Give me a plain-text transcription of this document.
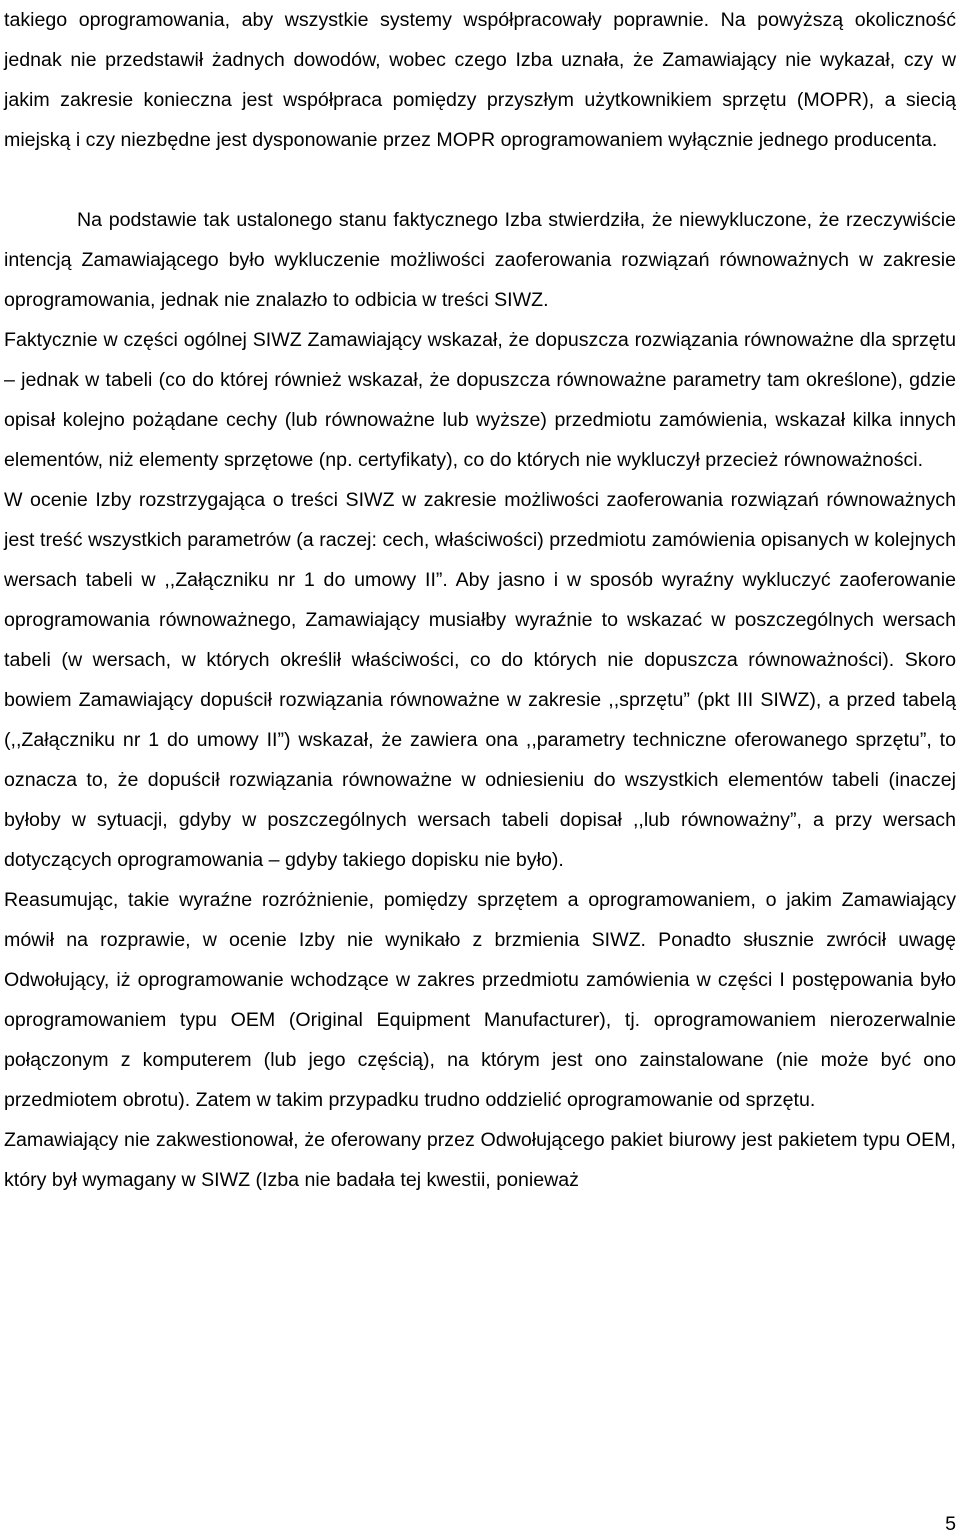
takiego oprogramowania, aby wszystkie systemy współpracowały poprawnie. Na powyższą okoliczność jednak nie przedstawił żadnych dowodów, wobec czego Izba uznała, że Zamawiający nie wykazał, czy w jakim zakresie konieczna jest współpraca pomiędzy przyszłym użytkownikiem sprzętu (MOPR), a siecią miejską i czy niezbędne jest dysponowanie przez MOPR oprogramowaniem wyłącznie jednego producenta.

Na podstawie tak ustalonego stanu faktycznego Izba stwierdziła, że niewykluczone, że rzeczywiście intencją Zamawiającego było wykluczenie możliwości zaoferowania rozwiązań równoważnych w zakresie oprogramowania, jednak nie znalazło to odbicia w treści SIWZ.

Faktycznie w części ogólnej SIWZ Zamawiający wskazał, że dopuszcza rozwiązania równoważne dla sprzętu – jednak w tabeli (co do której również wskazał, że dopuszcza równoważne parametry tam określone), gdzie opisał kolejno pożądane cechy (lub równoważne lub wyższe) przedmiotu zamówienia, wskazał kilka innych elementów, niż elementy sprzętowe (np. certyfikaty), co do których nie wykluczył przecież równoważności.

W ocenie Izby rozstrzygająca o treści SIWZ w zakresie możliwości zaoferowania rozwiązań równoważnych jest treść wszystkich parametrów (a raczej: cech, właściwości) przedmiotu zamówienia opisanych w kolejnych wersach tabeli w ,,Załączniku nr 1 do umowy II”. Aby jasno i w sposób wyraźny wykluczyć zaoferowanie oprogramowania równoważnego, Zamawiający musiałby wyraźnie to wskazać w poszczególnych wersach tabeli (w wersach, w których określił właściwości, co do których nie dopuszcza równoważności). Skoro bowiem Zamawiający dopuścił rozwiązania równoważne w zakresie ,,sprzętu” (pkt III SIWZ), a przed tabelą (,,Załączniku nr 1 do umowy II”) wskazał, że zawiera ona ,,parametry techniczne oferowanego sprzętu”, to oznacza to, że dopuścił rozwiązania równoważne w odniesieniu do wszystkich elementów tabeli (inaczej byłoby w sytuacji, gdyby w poszczególnych wersach tabeli dopisał ,,lub równoważny”, a przy wersach dotyczących oprogramowania – gdyby takiego dopisku nie było).

Reasumując, takie wyraźne rozróżnienie, pomiędzy sprzętem a oprogramowaniem, o jakim Zamawiający mówił na rozprawie, w ocenie Izby nie wynikało z brzmienia SIWZ. Ponadto słusznie zwrócił uwagę Odwołujący, iż oprogramowanie wchodzące w zakres przedmiotu zamówienia w części I postępowania było oprogramowaniem typu OEM (Original Equipment Manufacturer), tj. oprogramowaniem nierozerwalnie połączonym z komputerem (lub jego częścią), na którym jest ono zainstalowane (nie może być ono przedmiotem obrotu). Zatem w takim przypadku trudno oddzielić oprogramowanie od sprzętu.

Zamawiający nie zakwestionował, że oferowany przez Odwołującego pakiet biurowy jest pakietem typu OEM, który był wymagany w SIWZ (Izba nie badała tej kwestii, ponieważ

5
